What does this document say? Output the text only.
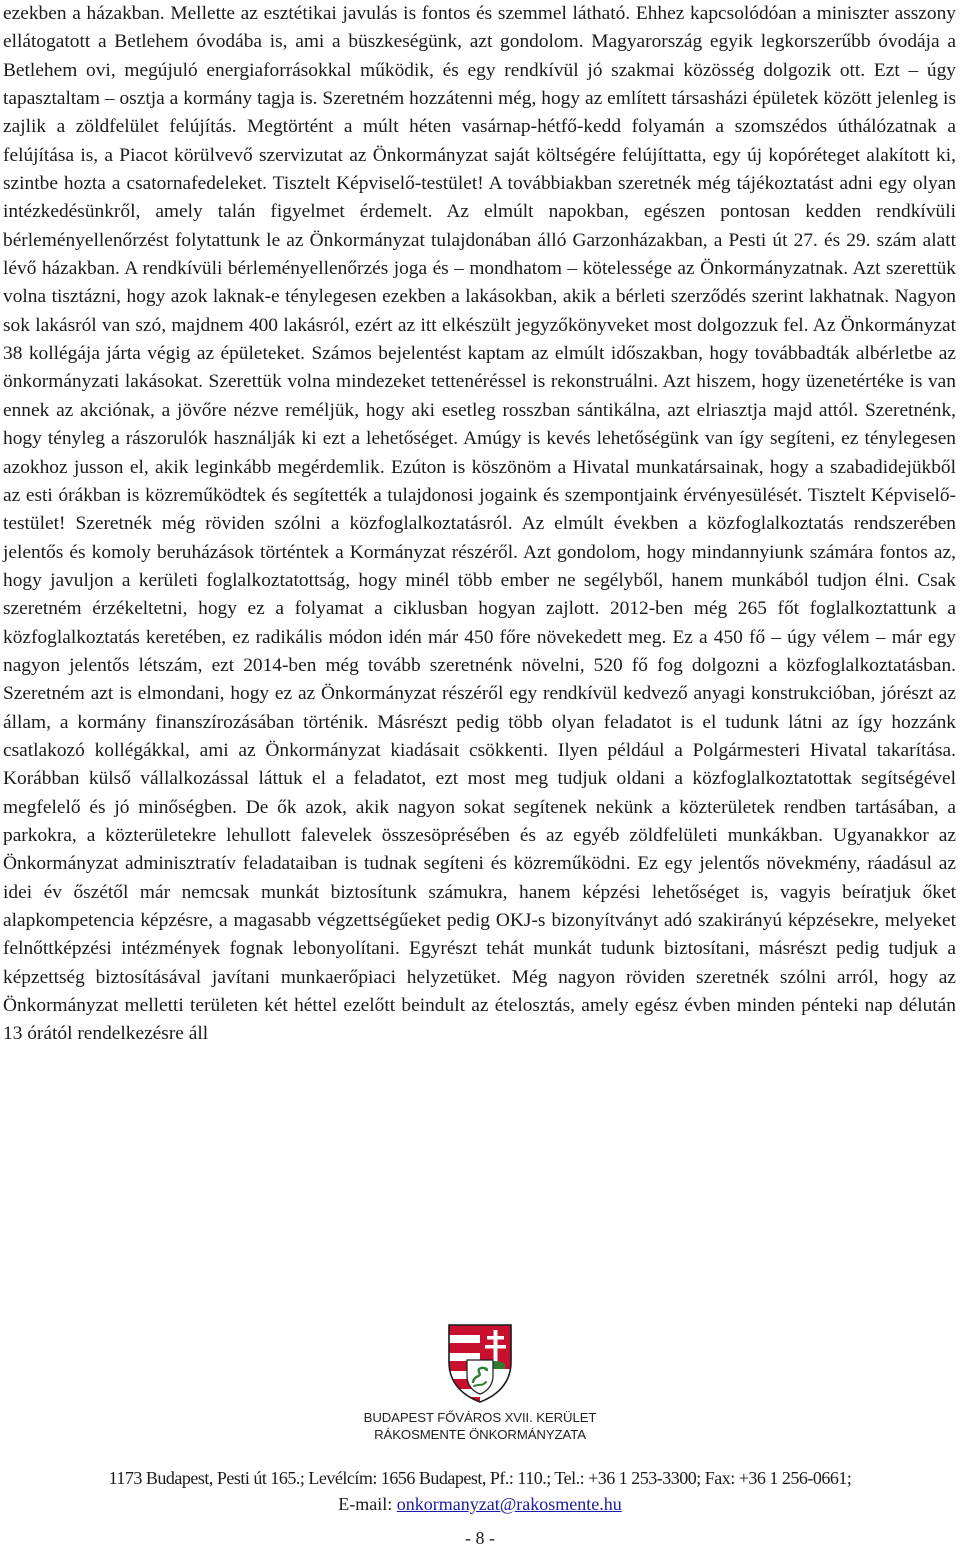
ezekben a házakban. Mellette az esztétikai javulás is fontos és szemmel látható. Ehhez kapcsolódóan a miniszter asszony ellátogatott a Betlehem óvodába is, ami a büszkeségünk, azt gondolom. Magyarország egyik legkorszerűbb óvodája a Betlehem ovi, megújuló energiaforrásokkal működik, és egy rendkívül jó szakmai közösség dolgozik ott. Ezt – úgy tapasztaltam – osztja a kormány tagja is. Szeretném hozzátenni még, hogy az említett társasházi épületek között jelenleg is zajlik a zöldfelület felújítás. Megtörtént a múlt héten vasárnap-hétfő-kedd folyamán a szomszédos úthálózatnak a felújítása is, a Piacot körülvevő szervizutat az Önkormányzat saját költségére felújíttatta, egy új kopóréteget alakított ki, szintbe hozta a csatornafedeleket. Tisztelt Képviselő-testület! A továbbiakban szeretnék még tájékoztatást adni egy olyan intézkedésünkről, amely talán figyelmet érdemelt. Az elmúlt napokban, egészen pontosan kedden rendkívüli bérleményellenőrzést folytattunk le az Önkormányzat tulajdonában álló Garzonházakban, a Pesti út 27. és 29. szám alatt lévő házakban. A rendkívüli bérleményellenőrzés joga és – mondhatom – kötelessége az Önkormányzatnak. Azt szerettük volna tisztázni, hogy azok laknak-e ténylegesen ezekben a lakásokban, akik a bérleti szerződés szerint lakhatnak. Nagyon sok lakásról van szó, majdnem 400 lakásról, ezért az itt elkészült jegyzőkönyveket most dolgozzuk fel. Az Önkormányzat 38 kollégája járta végig az épületeket. Számos bejelentést kaptam az elmúlt időszakban, hogy továbbadták albérletbe az önkormányzati lakásokat. Szerettük volna mindezeket tettenéréssel is rekonstruálni. Azt hiszem, hogy üzenetértéke is van ennek az akciónak, a jövőre nézve reméljük, hogy aki esetleg rosszban sántikálna, azt elriasztja majd attól. Szeretnénk, hogy tényleg a rászorulók használják ki ezt a lehetőséget. Amúgy is kevés lehetőségünk van így segíteni, ez ténylegesen azokhoz jusson el, akik leginkább megérdemlik. Ezúton is köszönöm a Hivatal munkatársainak, hogy a szabadidejükből az esti órákban is közreműködtek és segítették a tulajdonosi jogaink és szempontjaink érvényesülését. Tisztelt Képviselő-testület! Szeretnék még röviden szólni a közfoglalkoztatásról. Az elmúlt években a közfoglalkoztatás rendszerében jelentős és komoly beruházások történtek a Kormányzat részéről. Azt gondolom, hogy mindannyiunk számára fontos az, hogy javuljon a kerületi foglalkoztatottság, hogy minél több ember ne segélyből, hanem munkából tudjon élni. Csak szeretném érzékeltetni, hogy ez a folyamat a ciklusban hogyan zajlott. 2012-ben még 265 főt foglalkoztattunk a közfoglalkoztatás keretében, ez radikális módon idén már 450 főre növekedett meg. Ez a 450 fő – úgy vélem – már egy nagyon jelentős létszám, ezt 2014-ben még tovább szeretnénk növelni, 520 fő fog dolgozni a közfoglalkoztatásban. Szeretném azt is elmondani, hogy ez az Önkormányzat részéről egy rendkívül kedvező anyagi konstrukcióban, jórészt az állam, a kormány finanszírozásában történik. Másrészt pedig több olyan feladatot is el tudunk látni az így hozzánk csatlakozó kollégákkal, ami az Önkormányzat kiadásait csökkenti. Ilyen például a Polgármesteri Hivatal takarítása. Korábban külső vállalkozással láttuk el a feladatot, ezt most meg tudjuk oldani a közfoglalkoztatottak segítségével megfelelő és jó minőségben. De ők azok, akik nagyon sokat segítenek nekünk a közterületek rendben tartásában, a parkokra, a közterületekre lehullott falevelek összesöprésében és az egyéb zöldfelületi munkákban. Ugyanakkor az Önkormányzat adminisztratív feladataiban is tudnak segíteni és közreműködni. Ez egy jelentős növekmény, ráadásul az idei év őszétől már nemcsak munkát biztosítunk számukra, hanem képzési lehetőséget is, vagyis beíratjuk őket alapkompetencia képzésre, a magasabb végzettségűeket pedig OKJ-s bizonyítványt adó szakirányú képzésekre, melyeket felnőttképzési intézmények fognak lebonyolítani. Egyrészt tehát munkát tudunk biztosítani, másrészt pedig tudjuk a képzettség biztosításával javítani munkaerőpiaci helyzetüket. Még nagyon röviden szeretnék szólni arról, hogy az Önkormányzat melletti területen két héttel ezelőtt beindult az ételosztás, amely egész évben minden pénteki nap délután 13 órától rendelkezésre áll

BUDAPEST FŐVÁROS XVII. KERÜLET
RÁKOSMENTE ÖNKORMÁNYZATA
1173 Budapest, Pesti út 165.; Levélcím: 1656 Budapest, Pf.: 110.; Tel.: +36 1 253-3300; Fax: +36 1 256-0661;
E-mail: onkormanyzat@rakosmente.hu
- 8 -
